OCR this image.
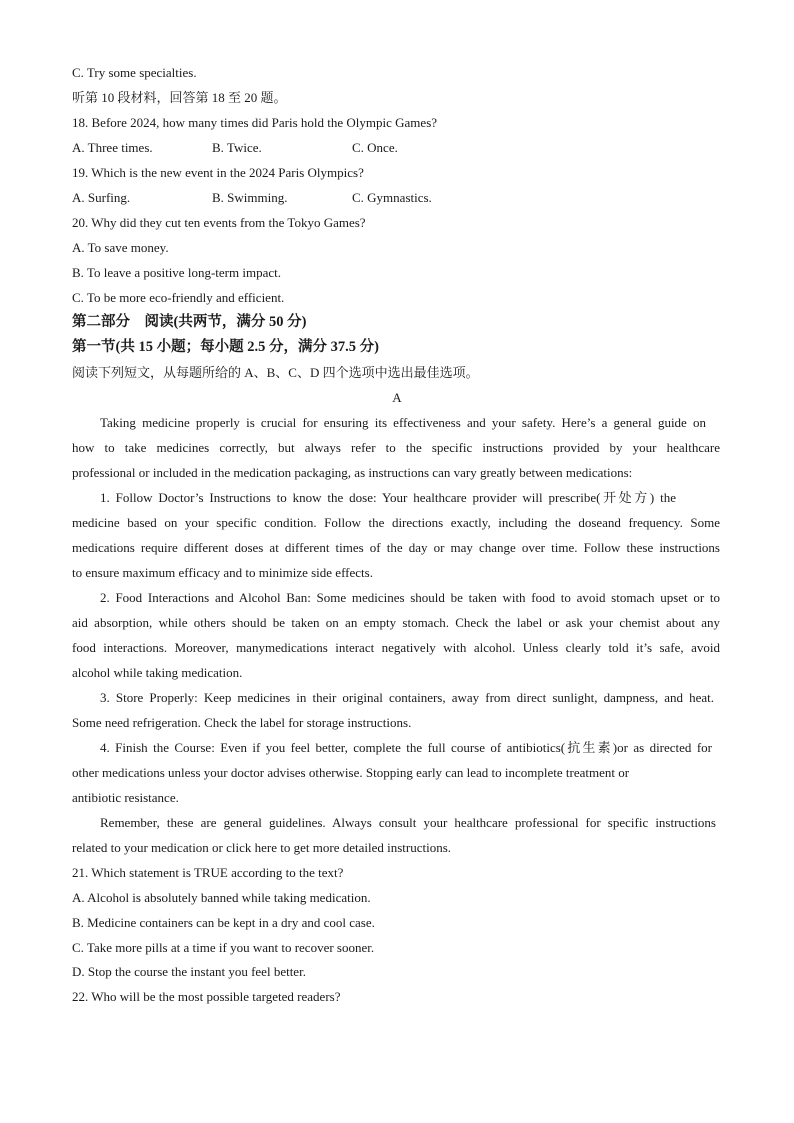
C. Try some specialties.
听第 10 段材料，回答第 18 至 20 题。
18. Before 2024, how many times did Paris hold the Olympic Games?
A. Three times.	B. Twice.	C. Once.
19. Which is the new event in the 2024 Paris Olympics?
A. Surfing.	B. Swimming.	C. Gymnastics.
20. Why did they cut ten events from the Tokyo Games?
A. To save money.
B. To leave a positive long-term impact.
C. To be more eco-friendly and efficient.
第二部分　阅读(共两节，满分 50 分)
第一节(共 15 小题；每小题 2.5 分，满分 37.5 分)
阅读下列短文，从每题所给的 A、B、C、D 四个选项中选出最佳选项。
A
Taking medicine properly is crucial for ensuring its effectiveness and your safety. Here’s a general guide on
how to take medicines correctly, but always refer to the specific instructions provided by your healthcare
professional or included in the medication packaging, as instructions can vary greatly between medications:
1. Follow Doctor’s Instructions to know the dose: Your healthcare provider will prescribe(开处方) the
medicine based on your specific condition. Follow the directions exactly, including the doseand frequency. Some
medications require different doses at different times of the day or may change over time. Follow these instructions
to ensure maximum efficacy and to minimize side effects.
2. Food Interactions and Alcohol Ban: Some medicines should be taken with food to avoid stomach upset or to
aid absorption, while others should be taken on an empty stomach. Check the label or ask your chemist about any
food interactions. Moreover, manymedications interact negatively with alcohol. Unless clearly told it’s safe, avoid
alcohol while taking medication.
3. Store Properly: Keep medicines in their original containers, away from direct sunlight, dampness, and heat.
Some need refrigeration. Check the label for storage instructions.
4. Finish the Course: Even if you feel better, complete the full course of antibiotics(抗生素)or as directed for
other medications unless your doctor advises otherwise. Stopping early can lead to incomplete treatment or
antibiotic resistance.
Remember, these are general guidelines. Always consult your healthcare professional for specific instructions
related to your medication or click here to get more detailed instructions.
21. Which statement is TRUE according to the text?
A. Alcohol is absolutely banned while taking medication.
B. Medicine containers can be kept in a dry and cool case.
C. Take more pills at a time if you want to recover sooner.
D. Stop the course the instant you feel better.
22. Who will be the most possible targeted readers?
